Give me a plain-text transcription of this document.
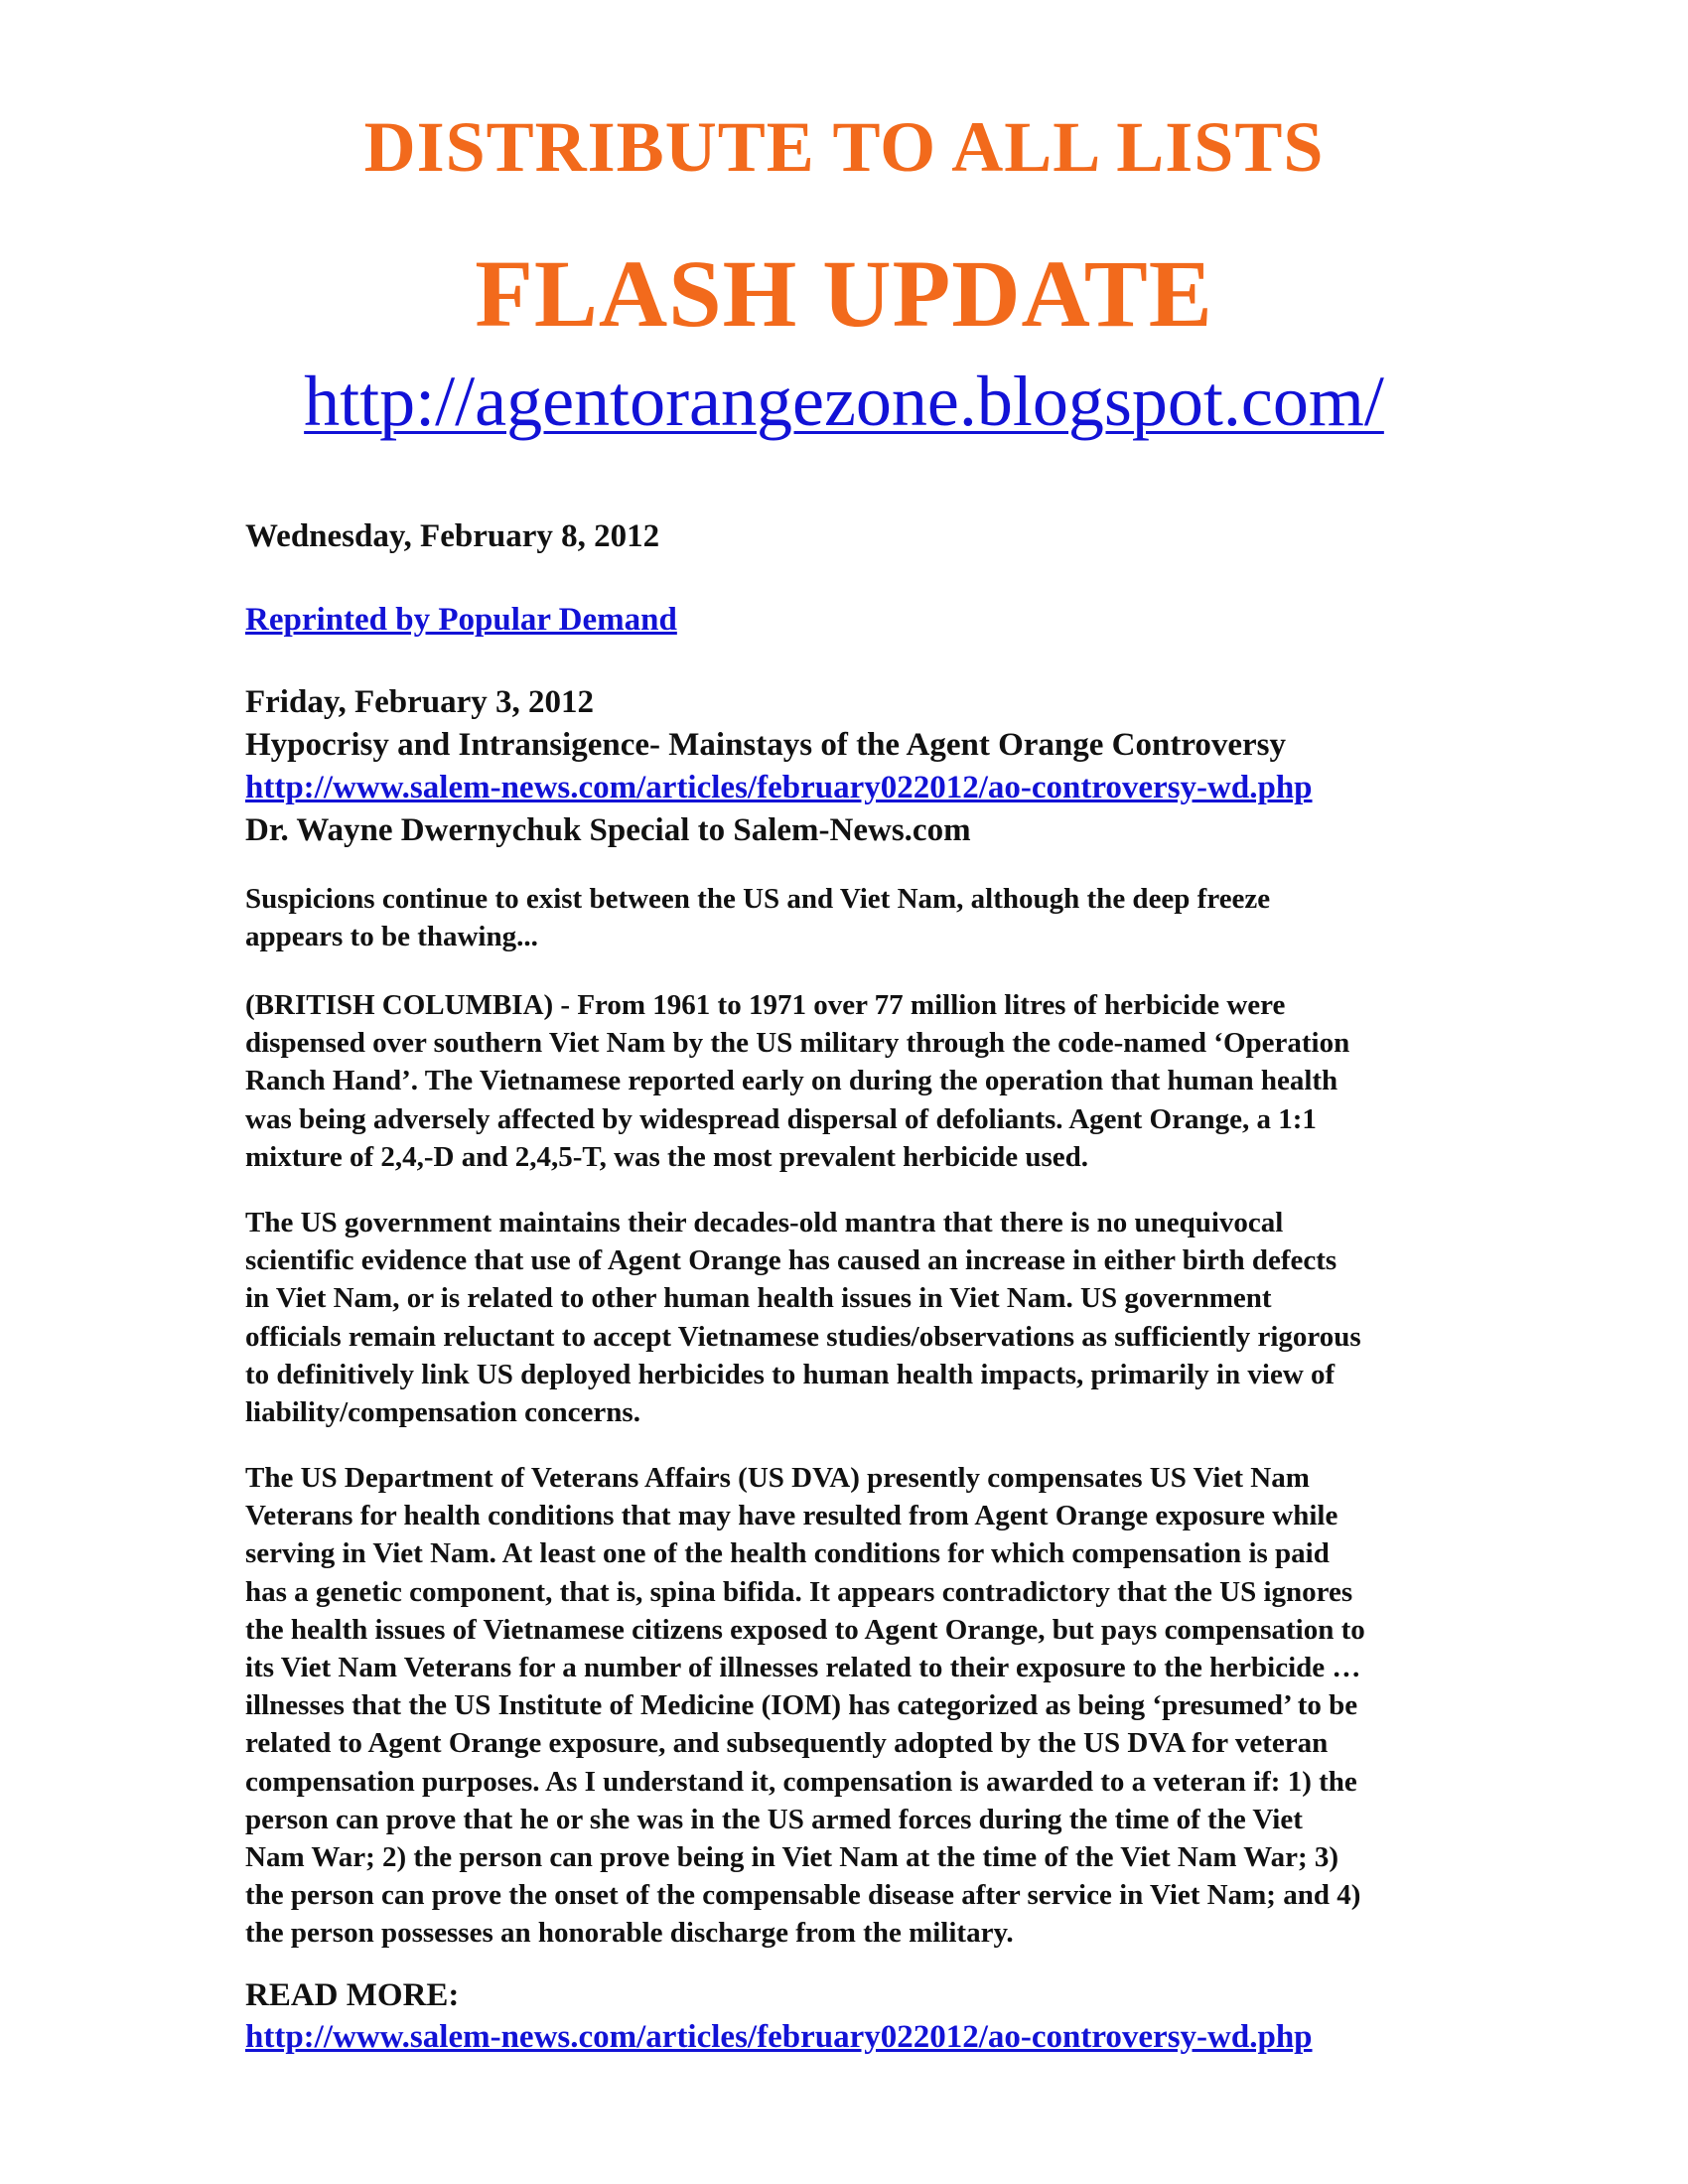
DISTRIBUTE TO ALL LISTS
FLASH UPDATE
http://agentorangezone.blogspot.com/

Wednesday, February 8, 2012

Reprinted by Popular Demand
Friday, February 3, 2012
Hypocrisy and Intransigence- Mainstays of the Agent Orange Controversy
http://www.salem-news.com/articles/february022012/ao-controversy-wd.php
Dr. Wayne Dwernychuk Special to Salem-News.com
Suspicions continue to exist between the US and Viet Nam, although the deep freeze
appears to be thawing...
(BRITISH COLUMBIA) - From 1961 to 1971 over 77 million litres of herbicide were
dispensed over southern Viet Nam by the US military through the code-named ‘Operation
Ranch Hand’. The Vietnamese reported early on during the operation that human health
was being adversely affected by widespread dispersal of defoliants. Agent Orange, a 1:1
mixture of 2,4,-D and 2,4,5-T, was the most prevalent herbicide used.
The US government maintains their decades-old mantra that there is no unequivocal
scientific evidence that use of Agent Orange has caused an increase in either birth defects
in Viet Nam, or is related to other human health issues in Viet Nam. US government
officials remain reluctant to accept Vietnamese studies/observations as sufficiently rigorous
to definitively link US deployed herbicides to human health impacts, primarily in view of
liability/compensation concerns.
The US Department of Veterans Affairs (US DVA) presently compensates US Viet Nam
Veterans for health conditions that may have resulted from Agent Orange exposure while
serving in Viet Nam. At least one of the health conditions for which compensation is paid
has a genetic component, that is, spina bifida. It appears contradictory that the US ignores
the health issues of Vietnamese citizens exposed to Agent Orange, but pays compensation to
its Viet Nam Veterans for a number of illnesses related to their exposure to the herbicide …
illnesses that the US Institute of Medicine (IOM) has categorized as being ‘presumed’ to be
related to Agent Orange exposure, and subsequently adopted by the US DVA for veteran
compensation purposes. As I understand it, compensation is awarded to a veteran if: 1) the
person can prove that he or she was in the US armed forces during the time of the Viet
Nam War; 2) the person can prove being in Viet Nam at the time of the Viet Nam War; 3)
the person can prove the onset of the compensable disease after service in Viet Nam; and 4)
the person possesses an honorable discharge from the military.

READ MORE:

http://www.salem-news.com/articles/february022012/ao-controversy-wd.php
